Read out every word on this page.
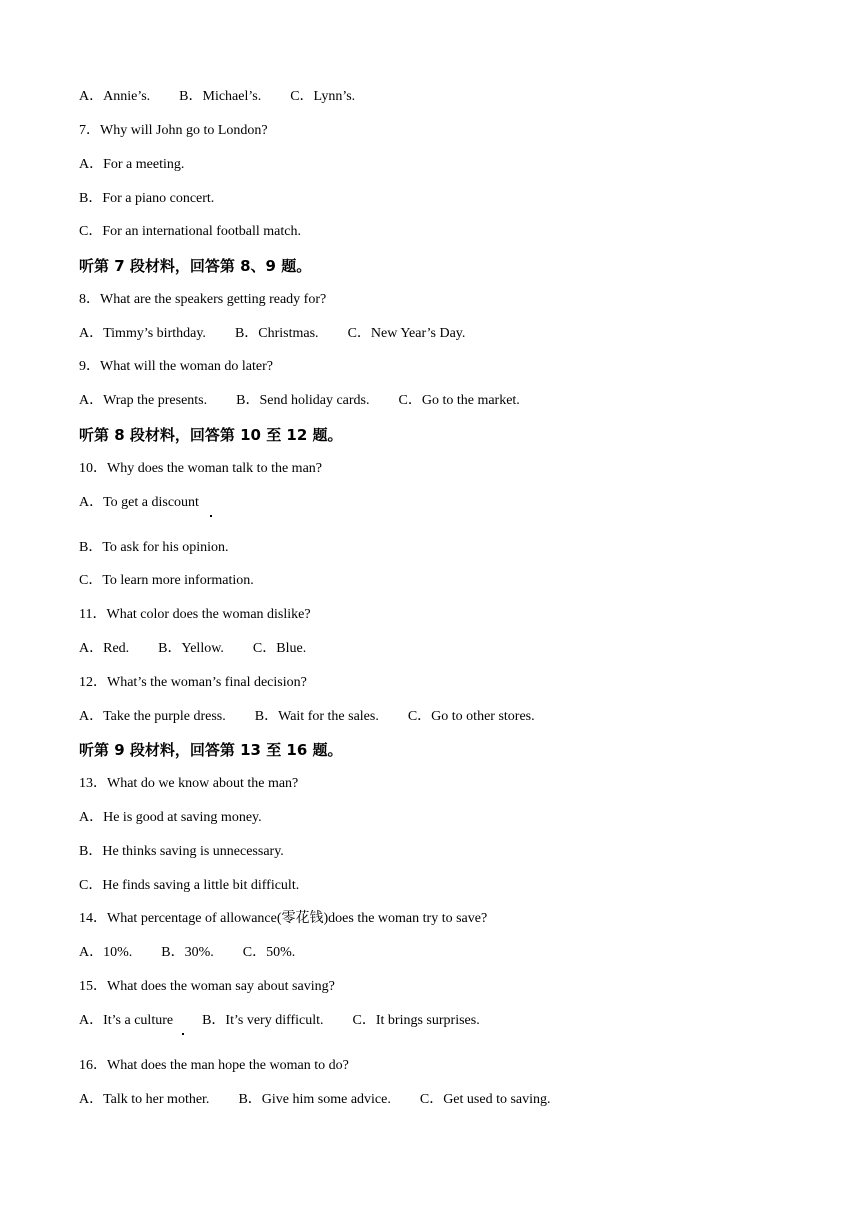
A．Annie’s. B．Michael’s. C．Lynn’s.
7．Why will John go to London?
A．For a meeting.
B．For a piano concert.
C．For an international football match.
听第 7 段材料，回答第 8、9 题。
8．What are the speakers getting ready for?
A．Timmy’s birthday. B．Christmas. C．New Year’s Day.
9．What will the woman do later?
A．Wrap the presents. B．Send holiday cards. C．Go to the market.
听第 8 段材料，回答第 10 至 12 题。
10．Why does the woman talk to the man?
A．To get a discount
B．To ask for his opinion.
C．To learn more information.
11．What color does the woman dislike?
A．Red. B．Yellow. C．Blue.
12．What’s the woman’s final decision?
A．Take the purple dress. B．Wait for the sales. C．Go to other stores.
听第 9 段材料，回答第 13 至 16 题。
13．What do we know about the man?
A．He is good at saving money.
B．He thinks saving is unnecessary.
C．He finds saving a little bit difficult.
14．What percentage of allowance(零花钱)does the woman try to save?
A．10%. B．30%. C．50%.
15．What does the woman say about saving?
A．It’s a culture B．It’s very difficult. C．It brings surprises.
16．What does the man hope the woman to do?
A．Talk to her mother. B．Give him some advice. C．Get used to saving.
